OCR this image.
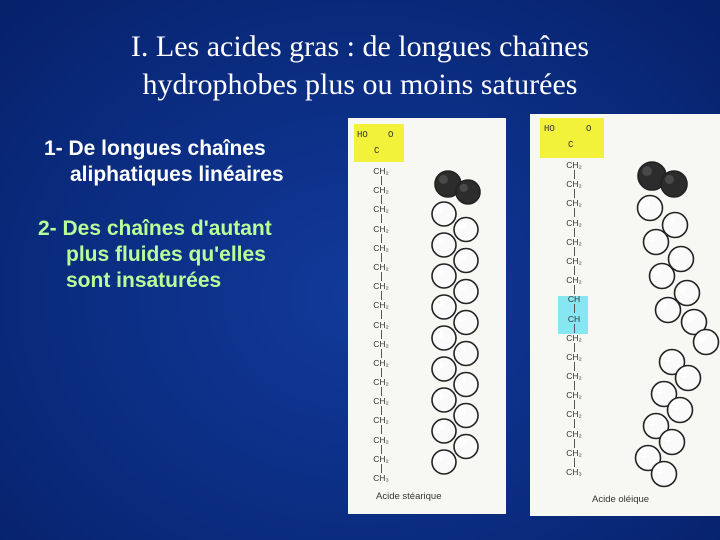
I. Les acides gras : de longues chaînes
hydrophobes plus ou moins saturées
1- De longues chaînes
aliphatiques linéaires
2- Des chaînes d'autant
plus fluides qu'elles
sont insaturées
HO O
C
CH₂
CH₂
CH₂
CH₂
CH₂
CH₂
CH₂
CH₂
CH₂
CH₂
CH₂
CH₂
CH₂
CH₂
CH₂
CH₂
CH₃
Acide stéarique
HO	O
C
CH₂
CH₂
CH₂
CH₂
CH₂
CH₂
CH₂
CH
CH
CH₂
CH₂
CH₂
CH₂
CH₂
CH₂
CH₂
CH₃
Acide oléique
